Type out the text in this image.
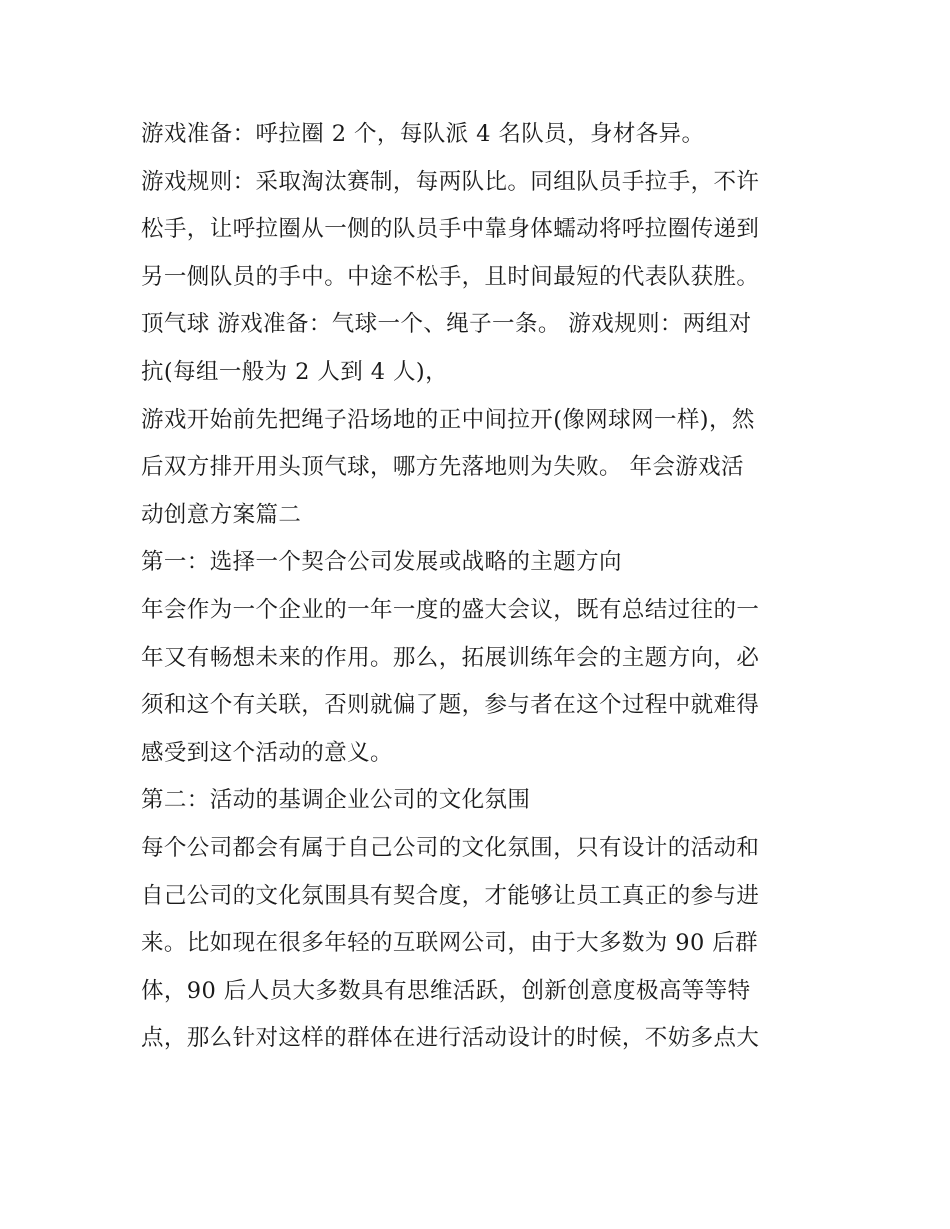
游戏准备：呼拉圈 2 个，每队派 4 名队员，身材各异。
游戏规则：采取淘汰赛制，每两队比。同组队员手拉手，不许
松手，让呼拉圈从一侧的队员手中靠身体蠕动将呼拉圈传递到
另一侧队员的手中。中途不松手，且时间最短的代表队获胜。
顶气球 游戏准备：气球一个、绳子一条。 游戏规则：两组对
抗(每组一般为 2 人到 4 人)，
游戏开始前先把绳子沿场地的正中间拉开(像网球网一样)，然
后双方排开用头顶气球，哪方先落地则为失败。 年会游戏活
动创意方案篇二
第一：选择一个契合公司发展或战略的主题方向
年会作为一个企业的一年一度的盛大会议，既有总结过往的一
年又有畅想未来的作用。那么，拓展训练年会的主题方向，必
须和这个有关联，否则就偏了题，参与者在这个过程中就难得
感受到这个活动的意义。
第二：活动的基调企业公司的文化氛围
每个公司都会有属于自己公司的文化氛围，只有设计的活动和
自己公司的文化氛围具有契合度，才能够让员工真正的参与进
来。比如现在很多年轻的互联网公司，由于大多数为 90 后群
体，90 后人员大多数具有思维活跃，创新创意度极高等等特
点，那么针对这样的群体在进行活动设计的时候，不妨多点大
